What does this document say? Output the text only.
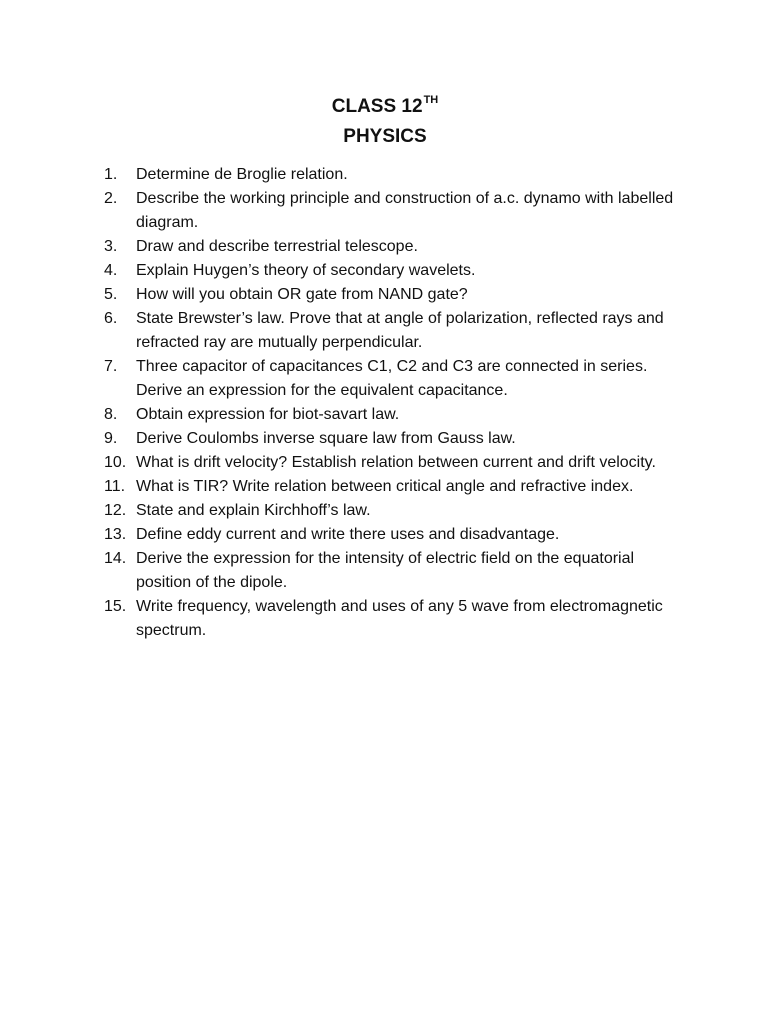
CLASS 12TH
PHYSICS
1.	Determine de Broglie relation.
2.	Describe the working principle and construction of a.c. dynamo with labelled diagram.
3.	Draw and describe terrestrial telescope.
4.	Explain Huygen’s theory of secondary wavelets.
5.	How will you obtain OR gate from NAND gate?
6.	State Brewster’s law. Prove that at angle of polarization, reflected rays and refracted ray are mutually perpendicular.
7.	Three capacitor of capacitances C1, C2 and C3 are connected in series. Derive an expression for the equivalent capacitance.
8.	Obtain expression for biot-savart law.
9.	Derive Coulombs inverse square law from Gauss law.
10. What is drift velocity? Establish relation between current and drift velocity.
11. What is TIR? Write relation between critical angle and refractive index.
12. State and explain Kirchhoff’s law.
13. Define eddy current and write there uses and disadvantage.
14. Derive the expression for the intensity of electric field on the equatorial position of the dipole.
15. Write frequency, wavelength and uses of any 5 wave from electromagnetic spectrum.
